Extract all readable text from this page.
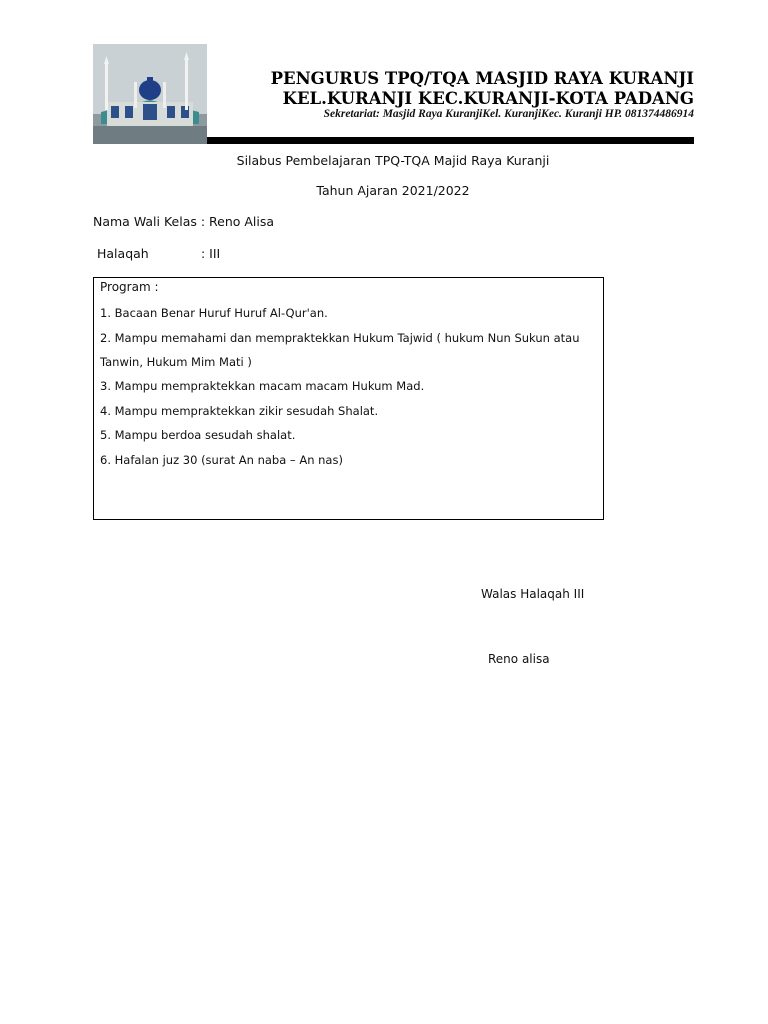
PENGURUS TPQ/TQA MASJID RAYA KURANJI
KEL.KURANJI KEC.KURANJI-KOTA PADANG
Sekretariat: Masjid Raya KuranjiKel. KuranjiKec. Kuranji HP. 081374486914
Silabus Pembelajaran TPQ-TQA Majid Raya Kuranji
Tahun Ajaran 2021/2022
Nama Wali Kelas : Reno Alisa
Halaqah	: III
Program :
1. Bacaan Benar Huruf Huruf Al-Qur'an.
2. Mampu memahami dan mempraktekkan Hukum Tajwid ( hukum Nun Sukun atau
Tanwin, Hukum Mim Mati )
3. Mampu mempraktekkan macam macam Hukum Mad.
4. Mampu mempraktekkan zikir sesudah Shalat.
5. Mampu berdoa sesudah shalat.
6. Hafalan juz 30 (surat An naba – An nas)
Walas Halaqah III
Reno alisa
